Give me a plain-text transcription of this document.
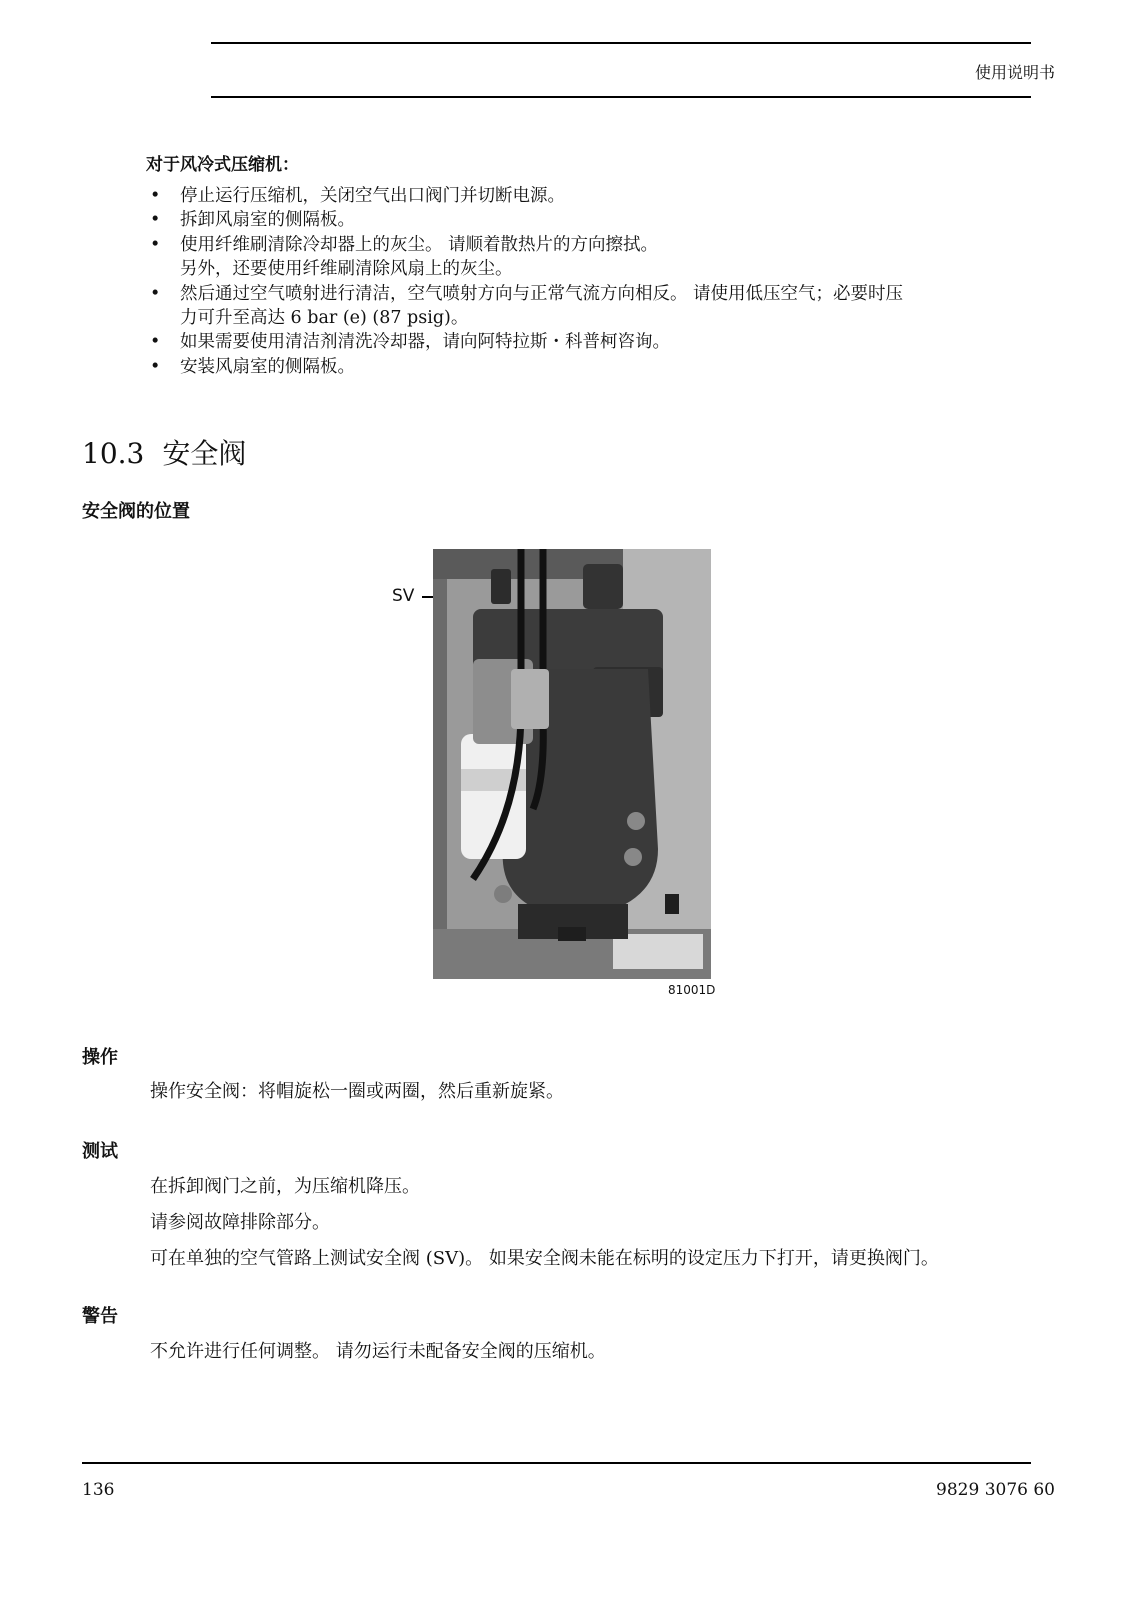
使用说明书
对于风冷式压缩机：
• 停止运行压缩机，关闭空气出口阀门并切断电源。
• 拆卸风扇室的侧隔板。
• 使用纤维刷清除冷却器上的灰尘。 请顺着散热片的方向擦拭。
另外，还要使用纤维刷清除风扇上的灰尘。
• 然后通过空气喷射进行清洁，空气喷射方向与正常气流方向相反。 请使用低压空气；必要时压
力可升至高达 6 bar (e) (87 psig)。
• 如果需要使用清洁剂清洗冷却器，请向阿特拉斯・科普柯咨询。
• 安装风扇室的侧隔板。
10.3 安全阀
安全阀的位置
SV
81001D
操作
操作安全阀：将帽旋松一圈或两圈，然后重新旋紧。
测试
在拆卸阀门之前，为压缩机降压。
请参阅故障排除部分。
可在单独的空气管路上测试安全阀 (SV)。 如果安全阀未能在标明的设定压力下打开，请更换阀门。
警告
不允许进行任何调整。 请勿运行未配备安全阀的压缩机。
136	9829 3076 60
